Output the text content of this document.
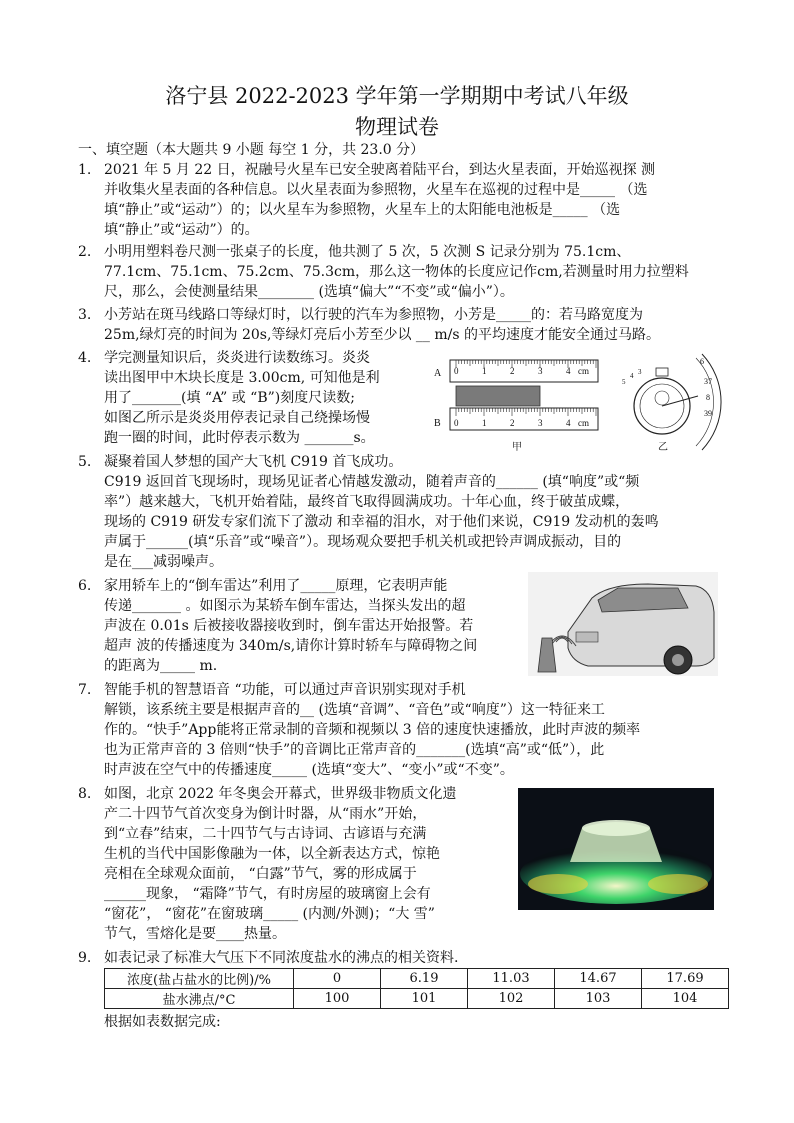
洛宁县 2022-2023 学年第一学期期中考试八年级
物理试卷
一、填空题（本大题共 9 小题 每空 1 分，共 23.0 分）
1. 2021 年 5 月 22 日，祝融号火星车已安全驶离着陆平台，到达火星表面，开始巡视探 测
并收集火星表面的各种信息。以火星表面为参照物，火星车在巡视的过程中是_____ （选
填“静止”或“运动”）的；以火星车为参照物，火星车上的太阳能电池板是_____ （选
填“静止”或“运动”）的。
2. 小明用塑料卷尺测一张桌子的长度，他共测了 5 次，5 次测 S 记录分别为 75.1cm、
77.1cm、75.1cm、75.2cm、75.3cm，那么这一物体的长度应记作cm,若测量时用力拉塑料
尺，那么，会使测量结果________ (选填“偏大”“不变”或“偏小”）。
3. 小芳站在斑马线路口等绿灯时，以行驶的汽车为参照物，小芳是_____的：若马路宽度为
25m,绿灯亮的时间为 20s,等绿灯亮后小芳至少以 __ m/s 的平均速度才能安全通过马路。
4. 学完测量知识后，炎炎进行读数练习。炎炎
读出图甲中木块长度是 3.00cm, 可知他是利
用了_______(填 “A” 或 “B”)刻度尺读数;
如图乙所示是炎炎用停表记录自己绕操场慢
跑一圈的时间，此时停表示数为 _______s。
A
B
0	1	2	3	4 cm
0	1	2	3	4 cm
甲
6
37
8
39
5
4 3
乙
5. 凝聚着国人梦想的国产大飞机 C919 首飞成功。
C919 返回首飞现场时，现场见证者心情越发激动，随着声音的______ (填“响度”或“频
率”）越来越大，飞机开始着陆，最终首飞取得圆满成功。十年心血，终于破茧成蝶，
现场的 C919 研发专家们流下了激动 和幸福的泪水，对于他们来说，C919 发动机的轰鸣
声属于______(填“乐音”或“噪音”）。现场观众要把手机关机或把铃声调成振动，目的
是在___减弱噪声。
6. 家用轿车上的“倒车雷达”利用了_____原理，它表明声能
传递_______ 。如图示为某轿车倒车雷达，当探头发出的超
声波在 0.01s 后被接收器接收到时，倒车雷达开始报警。若
超声 波的传播速度为 340m/s,请你计算时轿车与障碍物之间
的距离为_____ m.
7. 智能手机的智慧语音 “功能，可以通过声音识别实现对手机
解锁，该系统主要是根据声音的__ (选填“音调”、“音色”或“响度”）这一特征来工
作的。“快手”App能将正常录制的音频和视频以 3 倍的速度快速播放，此时声波的频率
也为正常声音的 3 倍则“快手”的音调比正常声音的_______(选填“高”或“低”），此
时声波在空气中的传播速度_____ (选填“变大”、“变小”或“不变”。
8. 如图，北京 2022 年冬奥会开幕式，世界级非物质文化遗
产二十四节气首次变身为倒计时器，从“雨水”开始，
到“立春”结束，二十四节气与古诗词、古谚语与充满
生机的当代中国影像融为一体，以全新表达方式，惊艳
亮相在全球观众面前， “白露”节气，雾的形成属于
______现象， “霜降”节气，有时房屋的玻璃窗上会有
“窗花”， “窗花”在窗玻璃_____ (内测/外测)；“大 雪”
节气，雪熔化是要____热量。
9. 如表记录了标准大气压下不同浓度盐水的沸点的相关资料.
浓度(盐占盐水的比例)/%	0	6.19	11.03	14.67	17.69
盐水沸点/°C	100	101	102	103	104
根据如表数据完成:
